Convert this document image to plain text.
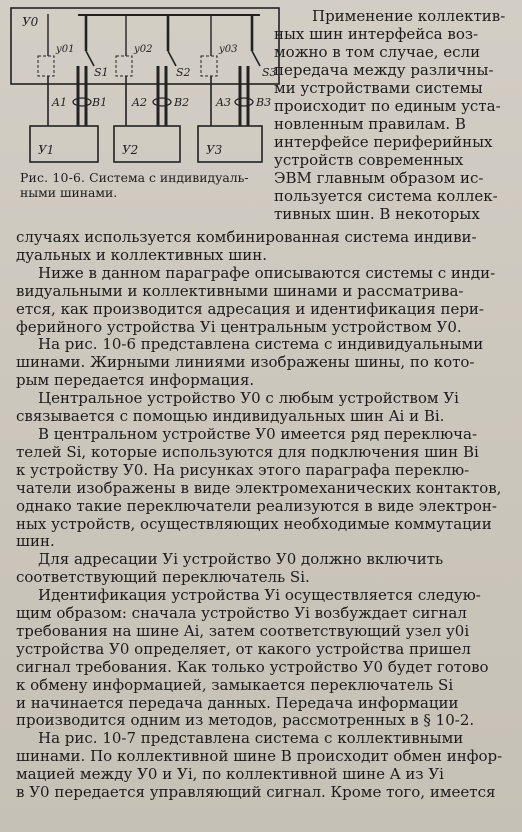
У0
у01	у02	у03
S1	S2	S3
A1 B1 A2 B2 A3 B3
У1	У2	У3
Рис. 10-6. Система с индивидуаль-
ными шинами.
Применение коллектив-
ных шин интерфейса воз-
можно в том случае, если
передача между различны-
ми устройствами системы
происходит по единым уста-
новленным правилам. В
интерфейсе периферийных
устройств современных
ЭВМ главным образом ис-
пользуется система коллек-
тивных шин. В некоторых
случаях используется комбинированная система индиви-
дуальных и коллективных шин.
Ниже в данном параграфе описываются системы с инди-
видуальными и коллективными шинами и рассматрива-
ется, как производится адресация и идентификация пери-
ферийного устройства Уi центральным устройством У0.
На рис. 10-6 представлена система с индивидуальными
шинами. Жирными линиями изображены шины, по кото-
рым передается информация.
Центральное устройство У0 с любым устройством Уi
связывается с помощью индивидуальных шин Ai и Bi.
В центральном устройстве У0 имеется ряд переключа-
телей Si, которые используются для подключения шин Bi
к устройству У0. На рисунках этого параграфа переклю-
чатели изображены в виде электромеханических контактов,
однако такие переключатели реализуются в виде электрон-
ных устройств, осуществляющих необходимые коммутации
шин.
Для адресации Уi устройство У0 должно включить
соответствующий переключатель Si.
Идентификация устройства Уi осуществляется следую-
щим образом: сначала устройство Уi возбуждает сигнал
требования на шине Ai, затем соответствующий узел у0i
устройства У0 определяет, от какого устройства пришел
сигнал требования. Как только устройство У0 будет готово
к обмену информацией, замыкается переключатель Si
и начинается передача данных. Передача информации
производится одним из методов, рассмотренных в § 10-2.
На рис. 10-7 представлена система с коллективными
шинами. По коллективной шине B происходит обмен инфор-
мацией между У0 и Уi, по коллективной шине A из Уi
в У0 передается управляющий сигнал. Кроме того, имеется
